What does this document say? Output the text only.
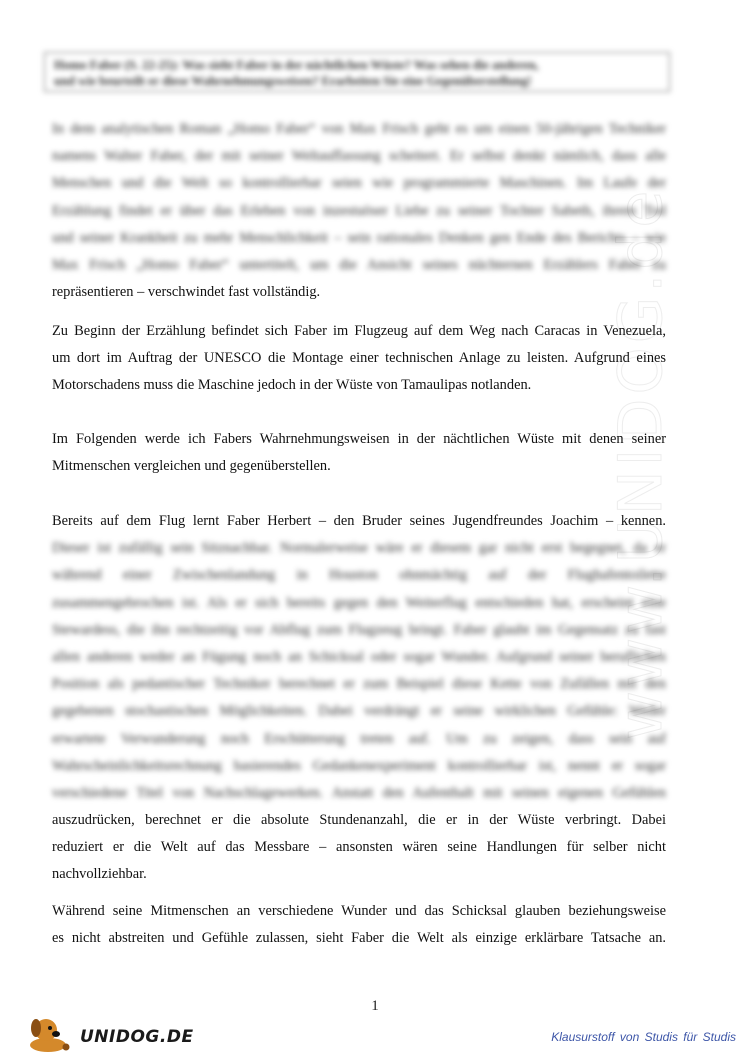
www.UNIDOG.de
Homo Faber (S. 22-25): Was sieht Faber in der nächtlichen Wüste? Was sehen die anderen,
und wie beurteilt er diese Wahrnehmungsweisen? Erarbeiten Sie eine Gegenüberstellung!
In dem analytischen Roman „Homo Faber“ von Max Frisch geht es um einen 50-jährigen Techniker
namens Walter Faber, der mit seiner Weltauffassung scheitert. Er selbst denkt nämlich, dass alle
Menschen und die Welt so kontrollierbar seien wie programmierte Maschinen. Im Laufe der
Erzählung findet er über das Erleben von inzestuöser Liebe zu seiner Tochter Sabeth, ihrem Tod
und seiner Krankheit zu mehr Menschlichkeit – sein rationales Denken gen Ende des Berichts – wie
Max Frisch „Homo Faber“ untertitelt, um die Ansicht seines nüchternen Erzählers Faber zu
repräsentieren – verschwindet fast vollständig.
Zu Beginn der Erzählung befindet sich Faber im Flugzeug auf dem Weg nach Caracas in Venezuela,
um dort im Auftrag der UNESCO die Montage einer technischen Anlage zu leisten. Aufgrund eines
Motorschadens muss die Maschine jedoch in der Wüste von Tamaulipas notlanden.
Im Folgenden werde ich Fabers Wahrnehmungsweisen in der nächtlichen Wüste mit denen seiner
Mitmenschen vergleichen und gegenüberstellen.
Bereits auf dem Flug lernt Faber Herbert – den Bruder seines Jugendfreundes Joachim – kennen.
Dieser ist zufällig sein Sitznachbar. Normalerweise wäre er diesem gar nicht erst begegnet, da er
während einer Zwischenlandung in Houston ohnmächtig auf der Flughafentoilette
zusammengebrochen ist. Als er sich bereits gegen den Weiterflug entschieden hat, erscheint eine
Stewardess, die ihn rechtzeitig vor Abflug zum Flugzeug bringt. Faber glaubt im Gegensatz zu fast
allen anderen weder an Fügung noch an Schicksal oder sogar Wunder. Aufgrund seiner beruflichen
Position als pedantischer Techniker berechnet er zum Beispiel diese Kette von Zufällen mit den
gegebenen stochastischen Möglichkeiten. Dabei verdrängt er seine wirklichen Gefühle: Weder
erwartete Verwunderung noch Erschütterung treten auf. Um zu zeigen, dass sein auf
Wahrscheinlichkeitsrechnung basierendes Gedankenexperiment kontrollierbar ist, nennt er sogar
verschiedene Titel von Nachschlagewerken. Anstatt den Aufenthalt mit seinen eigenen Gefühlen
auszudrücken, berechnet er die absolute Stundenanzahl, die er in der Wüste verbringt. Dabei
reduziert er die Welt auf das Messbare – ansonsten wären seine Handlungen für selber nicht
nachvollziehbar.
Während seine Mitmenschen an verschiedene Wunder und das Schicksal glauben beziehungsweise
es nicht abstreiten und Gefühle zulassen, sieht Faber die Welt als einzige erklärbare Tatsache an.
1
UNIDOG.DE	Klausurstoff von Studis für Studis
